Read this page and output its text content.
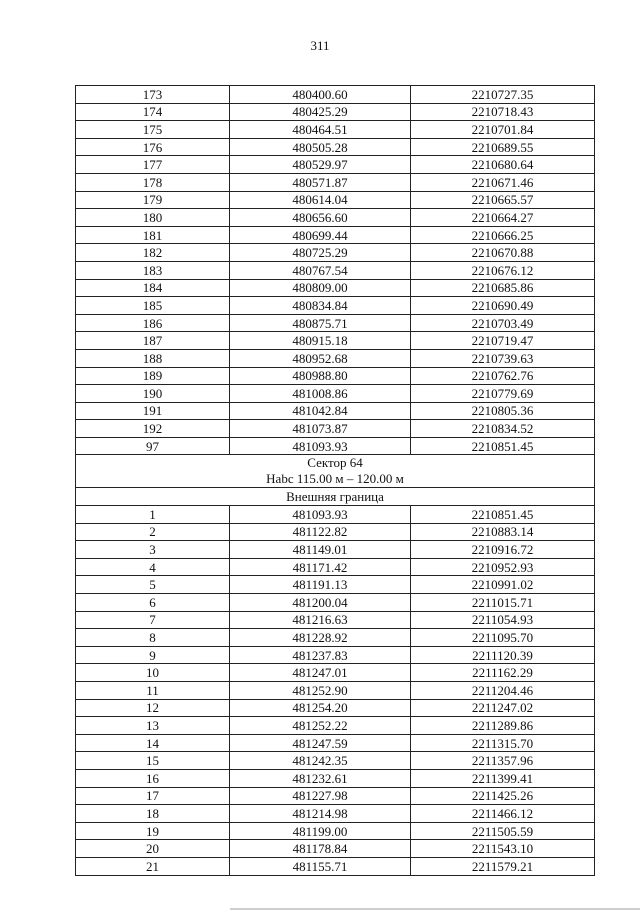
311
173	480400.60	2210727.35
174	480425.29	2210718.43
175	480464.51	2210701.84
176	480505.28	2210689.55
177	480529.97	2210680.64
178	480571.87	2210671.46
179	480614.04	2210665.57
180	480656.60	2210664.27
181	480699.44	2210666.25
182	480725.29	2210670.88
183	480767.54	2210676.12
184	480809.00	2210685.86
185	480834.84	2210690.49
186	480875.71	2210703.49
187	480915.18	2210719.47
188	480952.68	2210739.63
189	480988.80	2210762.76
190	481008.86	2210779.69
191	481042.84	2210805.36
192	481073.87	2210834.52
97	481093.93	2210851.45

Сектор 64
Нabс 115.00 м – 120.00 м		

Внешняя граница		
1	481093.93	2210851.45
2	481122.82	2210883.14
3	481149.01	2210916.72
4	481171.42	2210952.93
5	481191.13	2210991.02
6	481200.04	2211015.71
7	481216.63	2211054.93
8	481228.92	2211095.70
9	481237.83	2211120.39
10	481247.01	2211162.29
11	481252.90	2211204.46
12	481254.20	2211247.02
13	481252.22	2211289.86
14	481247.59	2211315.70
15	481242.35	2211357.96
16	481232.61	2211399.41
17	481227.98	2211425.26
18	481214.98	2211466.12
19	481199.00	2211505.59
20	481178.84	2211543.10
21	481155.71	2211579.21
